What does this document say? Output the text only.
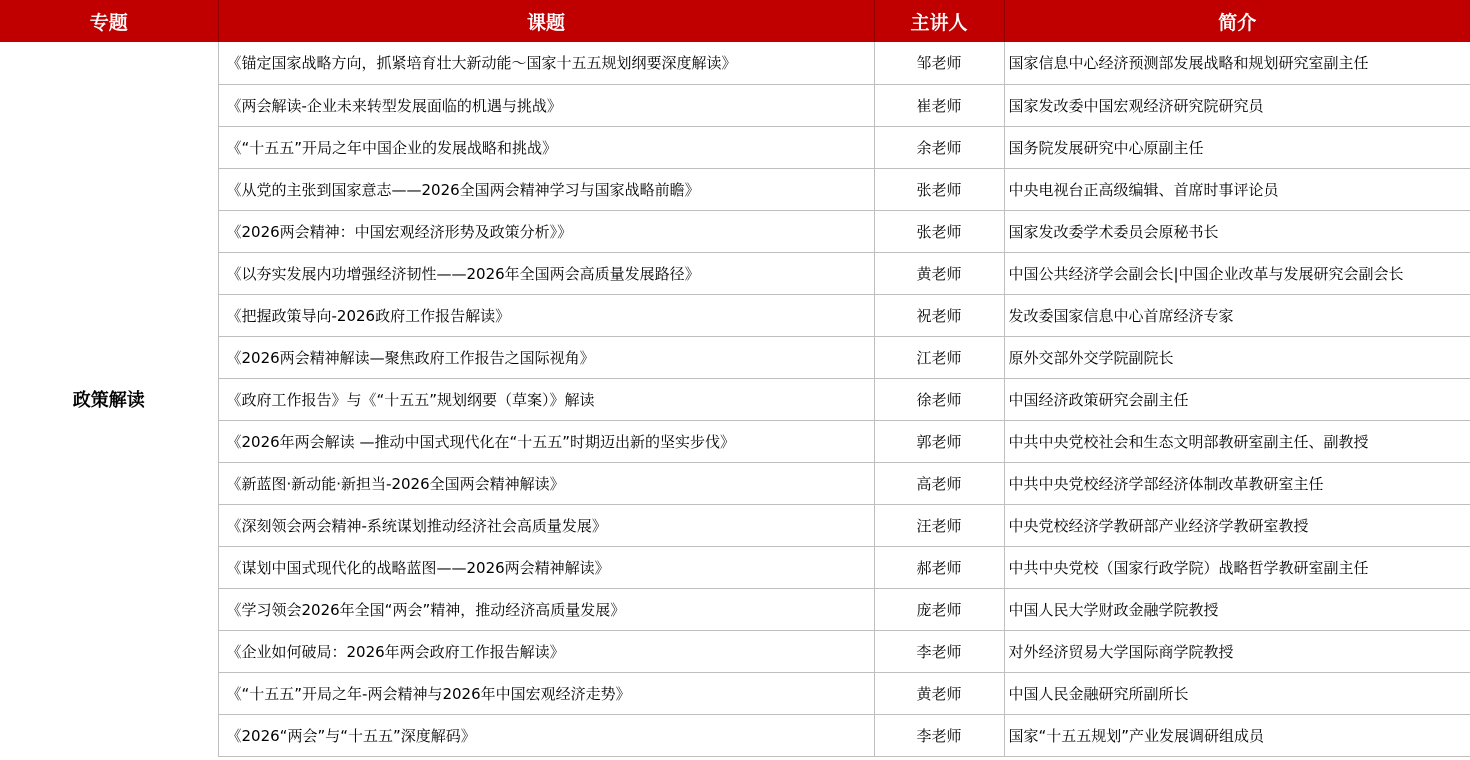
专题	课题	主讲人	简介
政策解读	《锚定国家战略方向，抓紧培育壮大新动能～国家十五五规划纲要深度解读》	邹老师	国家信息中心经济预测部发展战略和规划研究室副主任
	《两会解读-企业未来转型发展面临的机遇与挑战》	崔老师	国家发改委中国宏观经济研究院研究员
	《“十五五”开局之年中国企业的发展战略和挑战》	余老师	国务院发展研究中心原副主任
	《从党的主张到国家意志——2026全国两会精神学习与国家战略前瞻》	张老师	中央电视台正高级编辑、首席时事评论员
	《2026两会精神：中国宏观经济形势及政策分析》》	张老师	国家发改委学术委员会原秘书长
	《以夯实发展内功增强经济韧性——2026年全国两会高质量发展路径》	黄老师	中国公共经济学会副会长|中国企业改革与发展研究会副会长
	《把握政策导向-2026政府工作报告解读》	祝老师	发改委国家信息中心首席经济专家
	《2026两会精神解读—聚焦政府工作报告之国际视角》	江老师	原外交部外交学院副院长
	《政府工作报告》与《“十五五”规划纲要（草案）》解读	徐老师	中国经济政策研究会副主任
	《2026年两会解读 —推动中国式现代化在“十五五”时期迈出新的坚实步伐》	郭老师	中共中央党校社会和生态文明部教研室副主任、副教授
	《新蓝图·新动能·新担当-2026全国两会精神解读》	高老师	中共中央党校经济学部经济体制改革教研室主任
	《深刻领会两会精神-系统谋划推动经济社会高质量发展》	汪老师	中央党校经济学教研部产业经济学教研室教授
	《谋划中国式现代化的战略蓝图——2026两会精神解读》	郝老师	中共中央党校（国家行政学院）战略哲学教研室副主任
	《学习领会2026年全国“两会”精神，推动经济高质量发展》	庞老师	中国人民大学财政金融学院教授
	《企业如何破局：2026年两会政府工作报告解读》	李老师	对外经济贸易大学国际商学院教授
	《“十五五”开局之年-两会精神与2026年中国宏观经济走势》	黄老师	中国人民金融研究所副所长
	《2026“两会”与“十五五”深度解码》	李老师	国家“十五五规划”产业发展调研组成员
